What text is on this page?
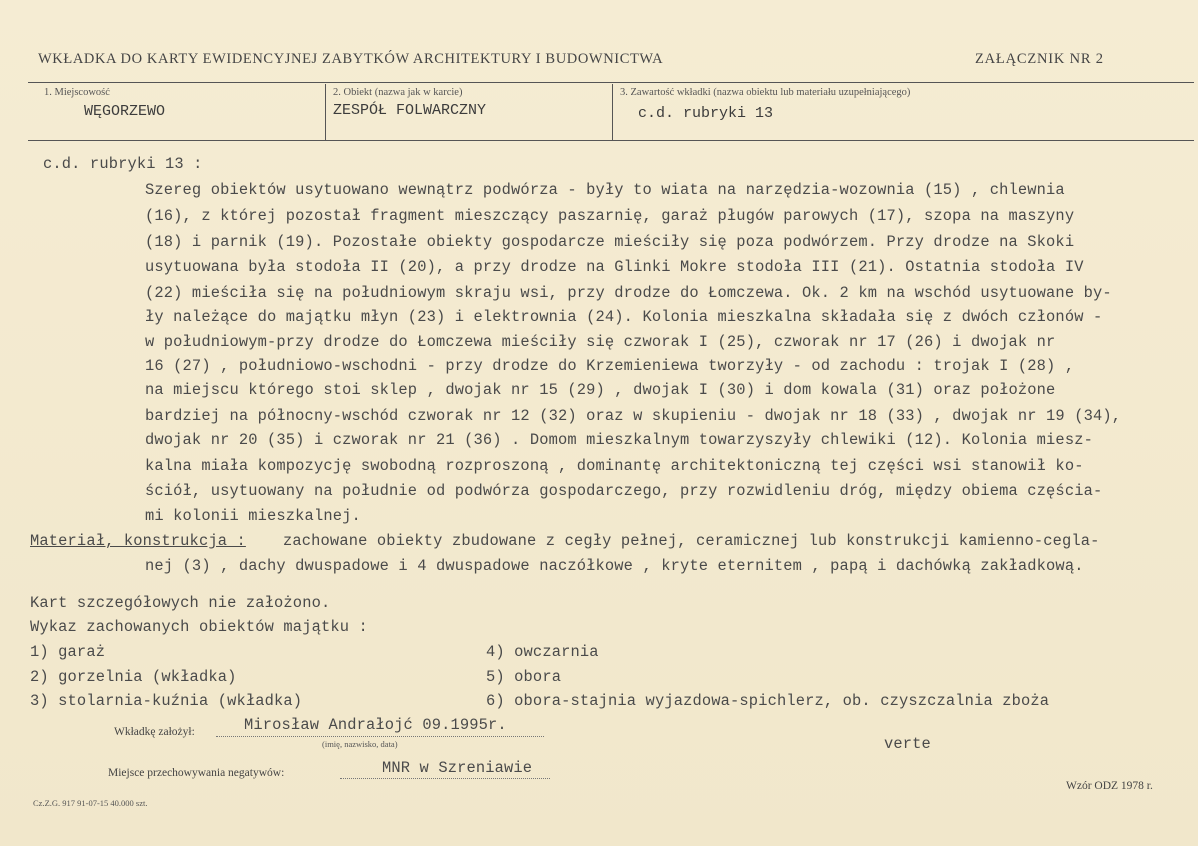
WKŁADKA DO KARTY EWIDENCYJNEJ ZABYTKÓW ARCHITEKTURY I BUDOWNICTWA	ZAŁĄCZNIK NR 2
1. Miejscowość
WĘGORZEWO
2. Obiekt (nazwa jak w karcie)
ZESPÓŁ FOLWARCZNY
3. Zawartość wkładki (nazwa obiektu lub materiału uzupełniającego)
c.d. rubryki 13
c.d. rubryki 13 :
Szereg obiektów usytuowano wewnątrz podwórza - były to wiata na narzędzia-wozownia (15) , chlewnia
(16), z której pozostał fragment mieszczący paszarnię, garaż pługów parowych (17), szopa na maszyny
(18) i parnik (19). Pozostałe obiekty gospodarcze mieściły się poza podwórzem. Przy drodze na Skoki
usytuowana była stodoła II (20), a przy drodze na Glinki Mokre stodoła III (21). Ostatnia stodoła IV
(22) mieściła się na południowym skraju wsi, przy drodze do Łomczewa. Ok. 2 km na wschód usytuowane by-
ły należące do majątku młyn (23) i elektrownia (24). Kolonia mieszkalna składała się z dwóch członów -
w południowym-przy drodze do Łomczewa mieściły się czworak I (25), czworak nr 17 (26) i dwojak nr
16 (27) , południowo-wschodni - przy drodze do Krzemieniewa tworzyły - od zachodu : trojak I (28) ,
na miejscu którego stoi sklep , dwojak nr 15 (29) , dwojak I (30) i dom kowala (31) oraz położone
bardziej na północny-wschód czworak nr 12 (32) oraz w skupieniu - dwojak nr 18 (33) , dwojak nr 19 (34),
dwojak nr 20 (35) i czworak nr 21 (36) . Domom mieszkalnym towarzyszyły chlewiki (12). Kolonia miesz-
kalna miała kompozycję swobodną rozproszoną , dominantę architektoniczną tej części wsi stanowił ko-
ściół, usytuowany na południe od podwórza gospodarczego, przy rozwidleniu dróg, między obiema częścia-
mi kolonii mieszkalnej.
Materiał, konstrukcja : zachowane obiekty zbudowane z cegły pełnej, ceramicznej lub konstrukcji kamienno-cegla-
nej (3) , dachy dwuspadowe i 4 dwuspadowe naczółkowe , kryte eternitem , papą i dachówką zakładkową.
Kart szczegółowych nie założono.
Wykaz zachowanych obiektów majątku :
1) garaż
2) gorzelnia (wkładka)
3) stolarnia-kuźnia (wkładka)
4) owczarnia
5) obora
6) obora-stajnia wyjazdowa-spichlerz, ob. czyszczalnia zboża
Wkładkę założył:	Mirosław Andrałojć 09.1995r.
(imię, nazwisko, data)	verte
Miejsce przechowywania negatywów:	MNR w Szreniawie
Cz.Z.G. 917 91-07-15 40.000 szt.
Wzór ODZ 1978 r.
